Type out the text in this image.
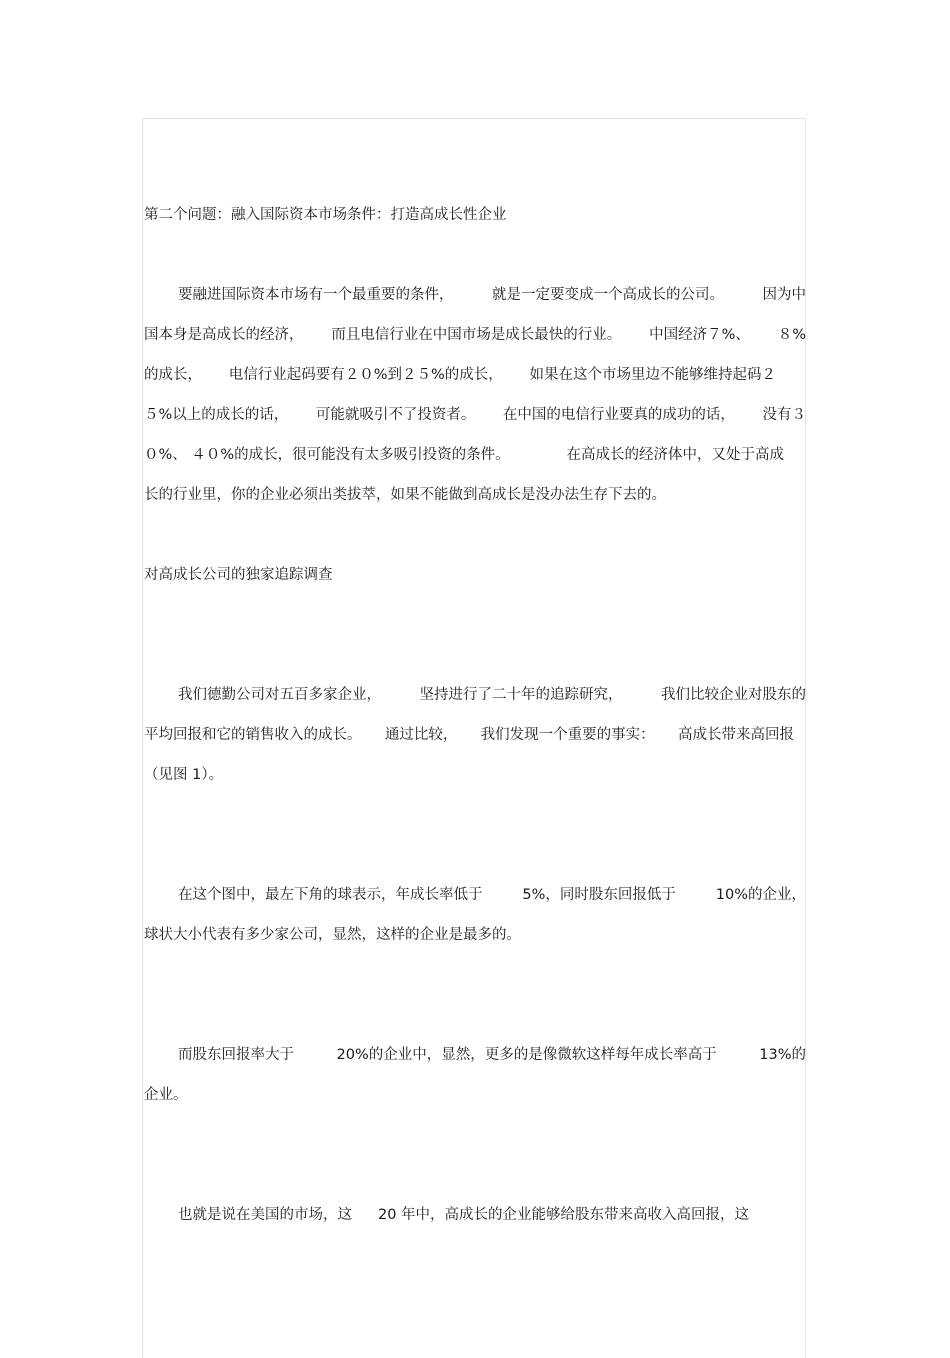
第二个问题：融入国际资本市场条件：打造高成长性企业
要融进国际资本市场有一个最重要的条件，	就是一定要变成一个高成长的公司。	因为中
国本身是高成长的经济， 而且电信行业在中国市场是成长最快的行业。 中国经济７%、 ８%
的成长， 电信行业起码要有２０%到２５%的成长， 如果在这个市场里边不能够维持起码２
５%以上的成长的话， 可能就吸引不了投资者。 在中国的电信行业要真的成功的话， 没有３
０%、 ４０%的成长，很可能没有太多吸引投资的条件。	在高成长的经济体中，又处于高成
长的行业里，你的企业必须出类拔萃，如果不能做到高成长是没办法生存下去的。
对高成长公司的独家追踪调查
我们德勤公司对五百多家企业，	坚持进行了二十年的追踪研究，	我们比较企业对股东的
平均回报和它的销售收入的成长。 通过比较， 我们发现一个重要的事实： 高成长带来高回报
（见图 1）。
在这个图中，最左下角的球表示，年成长率低于	5%，同时股东回报低于	10%的企业，
球状大小代表有多少家公司，显然，这样的企业是最多的。
而股东回报率大于	20%的企业中，显然，更多的是像微软这样每年成长率高于	13%的
企业。
也就是说在美国的市场，这 20 年中，高成长的企业能够给股东带来高收入高回报，这
